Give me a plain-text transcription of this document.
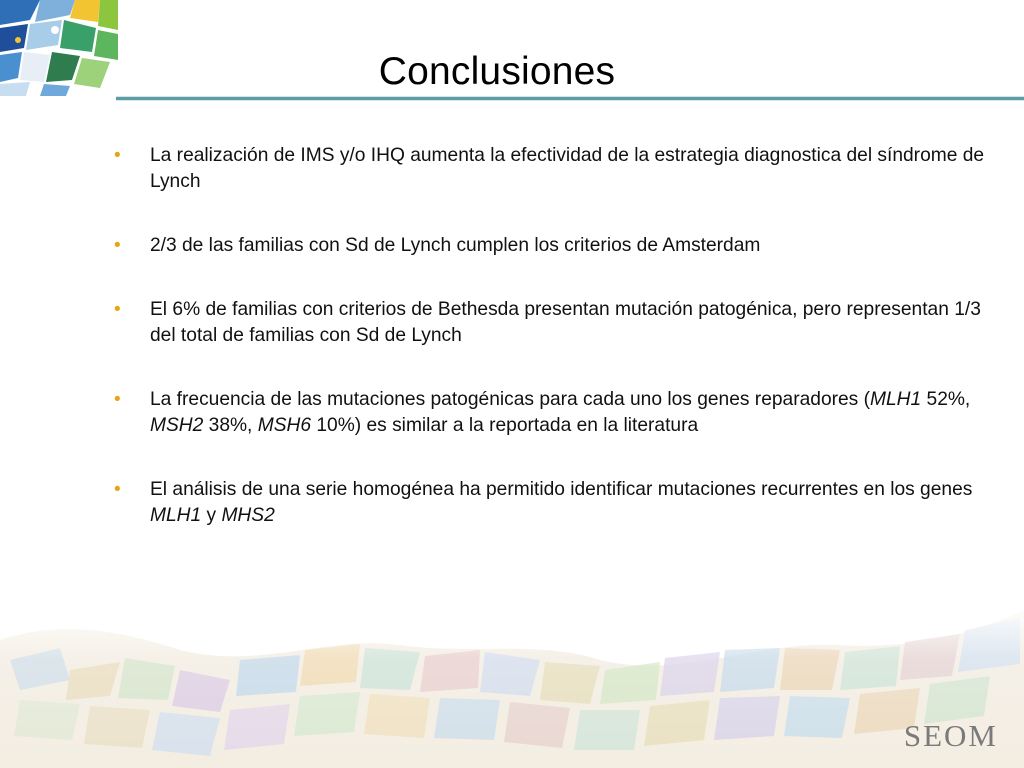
Conclusiones
• La realización de IMS y/o IHQ aumenta la efectividad de la estrategia diagnostica del síndrome de Lynch
• 2/3 de las familias con Sd de Lynch cumplen los criterios de Amsterdam
• El 6% de familias con criterios de Bethesda presentan mutación patogénica, pero representan 1/3 del total de familias con Sd de Lynch
• La frecuencia de las mutaciones patogénicas para cada uno los genes reparadores (MLH1 52%, MSH2 38%, MSH6 10%) es similar a la reportada en la literatura
• El análisis de una serie homogénea ha permitido identificar mutaciones recurrentes en los genes MLH1 y MHS2
SEOM
